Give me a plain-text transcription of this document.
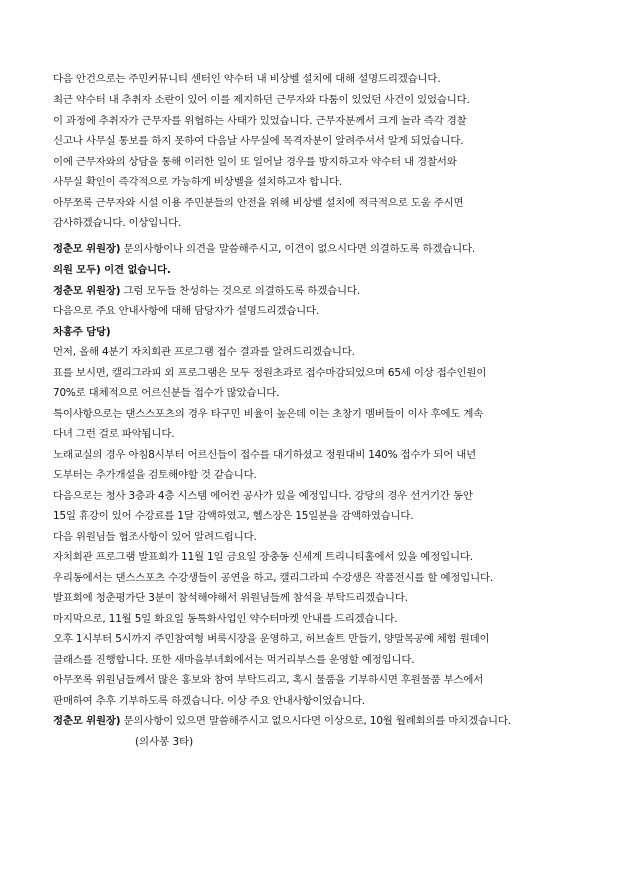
다음 안건으로는 주민커뮤니티 센터인 약수터 내 비상벨 설치에 대해 설명드리겠습니다.
최근 약수터 내 추취자 소란이 있어 이를 제지하던 근무자와 다툼이 있었던 사건이 있었습니다.
이 과정에 추취자가 근무자를 위협하는 사태가 있었습니다. 근무자분께서 크게 놀라 즉각 경찰
신고나 사무실 통보를 하지 못하여 다음날 사무실에 목격자분이 알려주셔서 알게 되었습니다.
이에 근무자와의 상담을 통해 이러한 일이 또 일어날 경우를 방지하고자 약수터 내 경찰서와
사무실 확인이 즉각적으로 가능하게 비상벨을 설치하고자 합니다.
아무쪼록 근무자와 시설 이용 주민분들의 안전을 위해 비상벨 설치에 적극적으로 도움 주시면
감사하겠습니다. 이상입니다.
정춘모 위원장) 문의사항이나 의견을 말씀해주시고, 이견이 없으시다면 의결하도록 하겠습니다.
의원 모두) 이견 없습니다.
정춘모 위원장) 그럼 모두들 찬성하는 것으로 의결하도록 하겠습니다.
다음으로 주요 안내사항에 대해 담당자가 설명드리겠습니다.
차홍주 담당)
먼저, 올해 4분기 자치회관 프로그램 접수 결과를 알려드리겠습니다.
표를 보시면, 캘리그라피 외 프로그램은 모두 정원초과로 접수마감되었으며 65세 이상 접수인원이
70%로 대체적으로 어르신분들 접수가 많았습니다.
특이사항으로는 댄스스포츠의 경우 타구민 비율이 높은데 이는 초창기 멤버들이 이사 후에도 계속
다녀 그런 걸로 파악됩니다.
노래교실의 경우 아침8시부터 어르신들이 접수를 대기하셨고 정원대비 140% 접수가 되어 내년
도부터는 추가개설을 검토해야할 것 같습니다.
다음으로는 청사 3층과 4층 시스템 에어컨 공사가 있을 예정입니다. 강당의 경우 선거기간 동안
15일 휴강이 있어 수강료를 1달 감액하였고, 헬스장은 15일분을 감액하였습니다.
다음 위원님들 협조사항이 있어 알려드립니다.
자치회관 프로그램 발표회가 11월 1일 금요일 장충동 신세계 트리니티홀에서 있을 예정입니다.
우리동에서는 댄스스포츠 수강생들이 공연을 하고, 캘리그라피 수강생은 작품전시를 할 예정입니다.
발표회에 청춘평가단 3분이 참석해야해서 위원님들께 참석을 부탁드리겠습니다.
마지막으로, 11월 5일 화요일 동특화사업인 약수터마켓 안내를 드리겠습니다.
오후 1시부터 5시까지 주민참여형 벼룩시장을 운영하고, 허브솔트 만들기, 양말목공예 체험 원데이
클래스를 진행합니다. 또한 새마을부녀회에서는 먹거리부스를 운영할 예정입니다.
아무쪼록 위원님들께서 많은 홍보와 참여 부탁드리고, 혹시 물품을 기부하시면 후원물품 부스에서
판매하여 추후 기부하도록 하겠습니다. 이상 주요 안내사항이었습니다.
정춘모 위원장) 문의사항이 있으면 말씀해주시고 없으시다면 이상으로, 10월 월례회의를 마치겠습니다.
(의사봉 3타)
